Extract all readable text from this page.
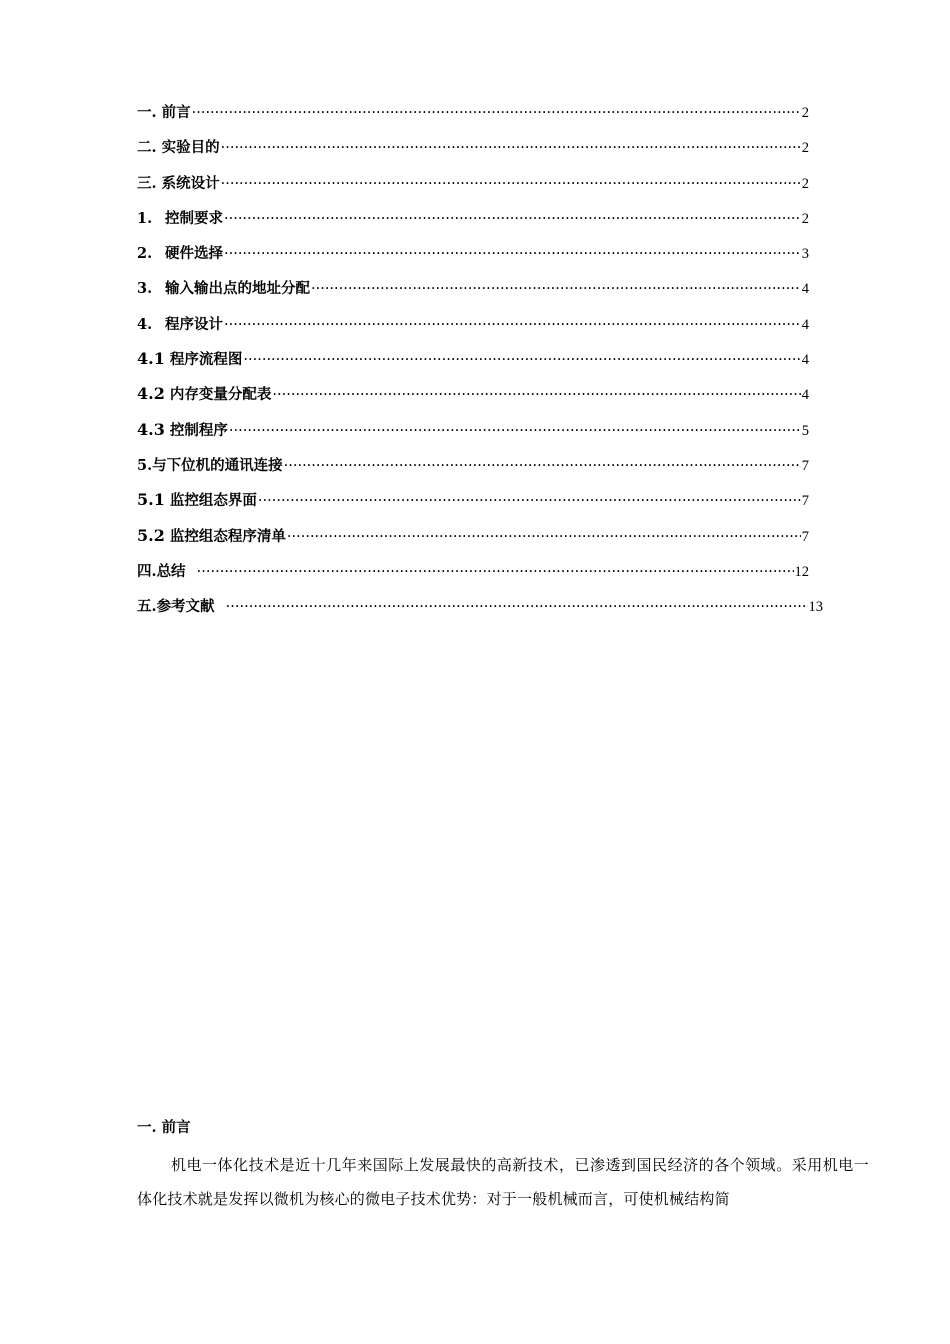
一. 前言 ·····	2
二. 实验目的 ·····	2
三. 系统设计 ·····	2
1. 控制要求 ·····	2
2. 硬件选择 ·····	3
3. 输入输出点的地址分配 ·····	4
4. 程序设计 ·····	4
4.1 程序流程图 ·····	4
4.2 内存变量分配表 ·····	4
4.3 控制程序 ·····	5
5.与下位机的通讯连接 ·····	7
5.1 监控组态界面 ·····	7
5.2 监控组态程序清单 ·····	7
四.总结 ·····	12
五.参考文献 ·····	13
一. 前言
机电一体化技术是近十几年来国际上发展最快的高新技术，已渗透到国民经济的各个领域。采用机电一体化技术就是发挥以微机为核心的微电子技术优势：对于一般机械而言，可使机械结构简
